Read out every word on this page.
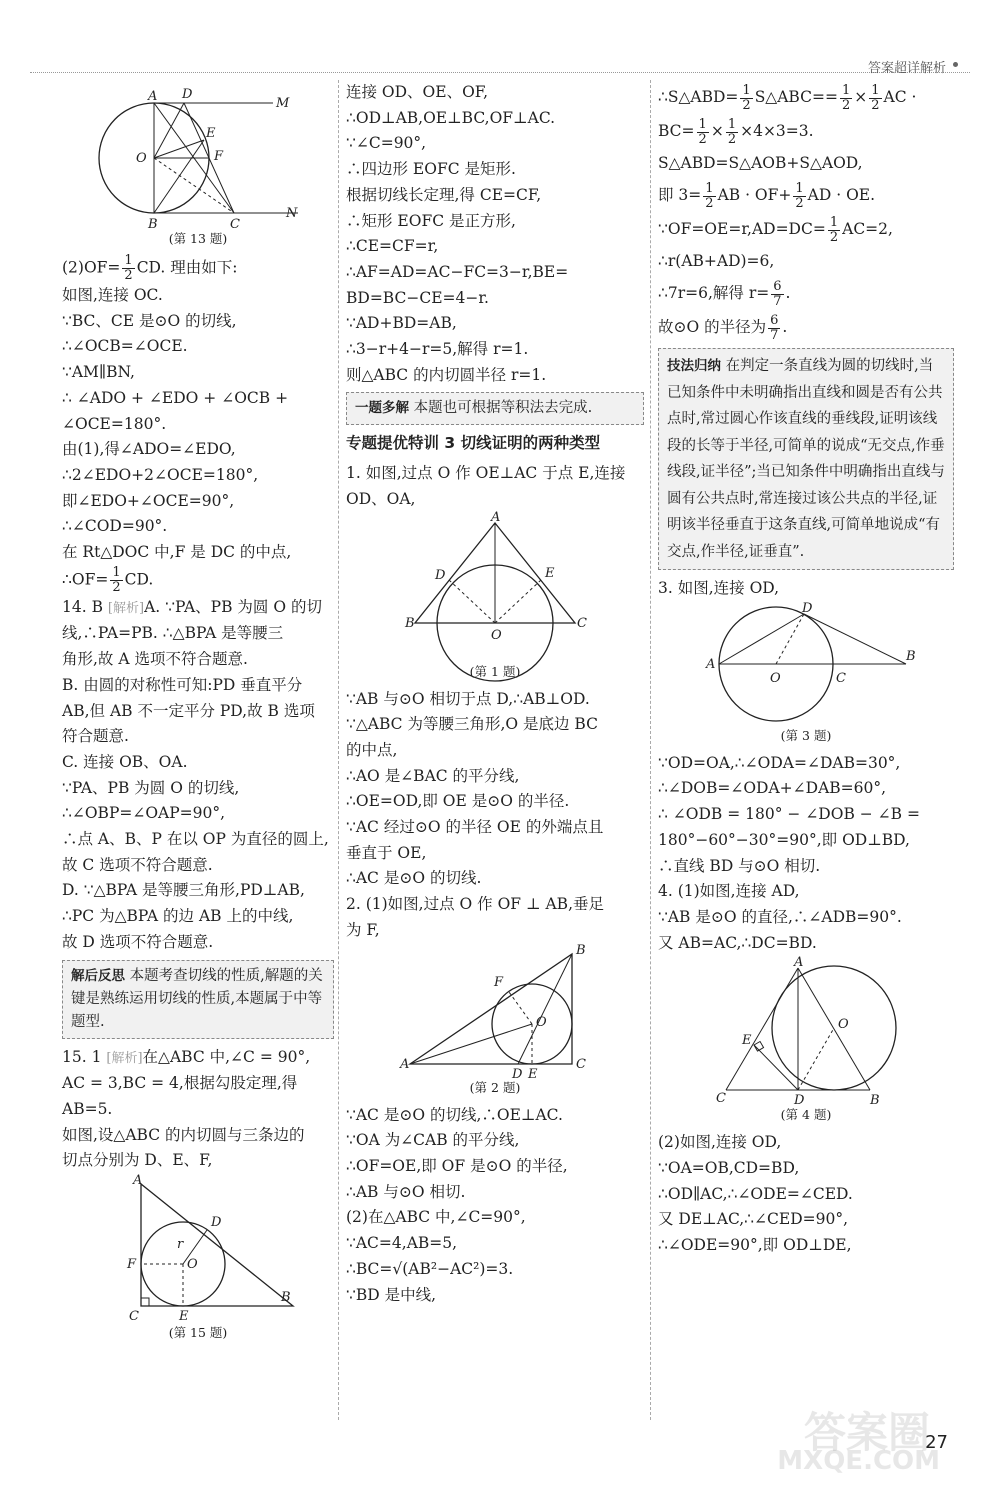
答案超详解析
A D
M
E
O	F
B	C
N
(第 13 题)
$(2)OF= \frac{1}{2}$ CD. 理由如下:
如图,连接 OC.
∵BC、CE 是⊙O 的切线,
∴∠OCB=∠OCE.
∵AM∥BN,
∴ ∠ADO + ∠EDO + ∠OCB +
∠OCE=180°.
由(1),得∠ADO=∠EDO,
∴2∠EDO+2∠OCE=180°,
即∠EDO+∠OCE=90°,
∴∠COD=90°.
在 Rt△DOC 中,F 是 DC 的中点,
∴OF= $\frac{1}{2}$ CD.
14. B [解析]A. ∵PA、PB 为圆 O 的切
线,∴PA=PB. ∴△BPA 是等腰三
角形,故 A 选项不符合题意.
B. 由圆的对称性可知:PD 垂直平分
AB,但 AB 不一定平分 PD,故 B 选项
符合题意.
C. 连接 OB、OA.
∵PA、PB 为圆 O 的切线,
∴∠OBP=∠OAP=90°,
∴点 A、B、P 在以 OP 为直径的圆上,
故 C 选项不符合题意.
D. ∵△BPA 是等腰三角形,PD⊥AB,
∴PC 为△BPA 的边 AB 上的中线,
故 D 选项不符合题意.
解后反思 本题考查切线的性质,解题的关键是熟练运用切线的性质,本题属于中等题型.
15. 1 [解析]在△ABC 中,∠C = 90°,
AC = 3,BC = 4,根据勾股定理,得
AB=5.
如图,设△ABC 的内切圆与三条边的
切点分别为 D、E、F,
A
D
r
O
F
C	E
B
(第 15 题)
连接 OD、OE、OF,
∴OD⊥AB,OE⊥BC,OF⊥AC.
∵∠C=90°,
∴四边形 EOFC 是矩形.
根据切线长定理,得 CE=CF,
∴矩形 EOFC 是正方形,
∴CE=CF=r,
∴AF=AD=AC−FC=3−r,BE=
BD=BC−CE=4−r.
∵AD+BD=AB,
∴3−r+4−r=5,解得 r=1.
则△ABC 的内切圆半径 r=1.
一题多解 本题也可根据等积法去完成.
专题提优特训 3 切线证明的两种类型
1. 如图,过点 O 作 OE⊥AC 于点 E,连接
OD、OA,
A
D	E
B
O
C
(第 1 题)
∵AB 与⊙O 相切于点 D,∴AB⊥OD.
∵△ABC 为等腰三角形,O 是底边 BC
的中点,
∴AO 是∠BAC 的平分线,
∴OE=OD,即 OE 是⊙O 的半径.
∵AC 经过⊙O 的半径 OE 的外端点且
垂直于 OE,
∴AC 是⊙O 的切线.
2. (1)如图,过点 O 作 OF ⊥ AB,垂足
为 F,
B
F
O
A
D E
C
(第 2 题)
∵AC 是⊙O 的切线,∴OE⊥AC.
∵OA 为∠CAB 的平分线,
∴OF=OE,即 OF 是⊙O 的半径,
∴AB 与⊙O 相切.
(2)在△ABC 中,∠C=90°,
∵AC=4,AB=5,
∴BC=√(AB²−AC²)=3.
∵BD 是中线,
∴S△ABD= $\frac{1}{2}$ S△ABC== $\frac{1}{2} \times \frac{1}{2}$ AC ·
$BC= \frac{1}{2} \times \frac{1}{2} \times 4\times 3=3$.
S△ABD=S△AOB+S△AOD,
即 $3= \frac{1}{2}$ AB · $OF+ \frac{1}{2}$ AD · OE.
∵OF=OE=r,AD=DC= $\frac{1}{2} AC=2$,
∴r(AB+AD)=6,
∴7r=6,解得 $r= \frac{6}{7}$ .
故⊙O 的半径为 $\frac{6}{7}$ .
技法归纳 在判定一条直线为圆的切线时,当已知条件中未明确指出直线和圆是否有公共点时,常过圆心作该直线的垂线段,证明该线段的长等于半径,可简单的说成“无交点,作垂线段,证半径”;当已知条件中明确指出直线与圆有公共点时,常连接过该公共点的半径,证明该半径垂直于这条直线,可简单地说成“有交点,作半径,证垂直”.
3. 如图,连接 OD,
D
A
O	C
B
(第 3 题)
∵OD=OA,∴∠ODA=∠DAB=30°,
∴∠DOB=∠ODA+∠DAB=60°,
∴ ∠ODB = 180° − ∠DOB − ∠B =
180°−60°−30°=90°,即 OD⊥BD,
∴直线 BD 与⊙O 相切.
4. (1)如图,连接 AD,
∵AB 是⊙O 的直径,∴∠ADB=90°.
又 AB=AC,∴DC=BD.
A
O
E
C	D	B
(第 4 题)
(2)如图,连接 OD,
∵OA=OB,CD=BD,
∴OD∥AC,∴∠ODE=∠CED.
又 DE⊥AC,∴∠CED=90°,
∴∠ODE=90°,即 OD⊥DE,
答案圈
MXQE.COM
27
